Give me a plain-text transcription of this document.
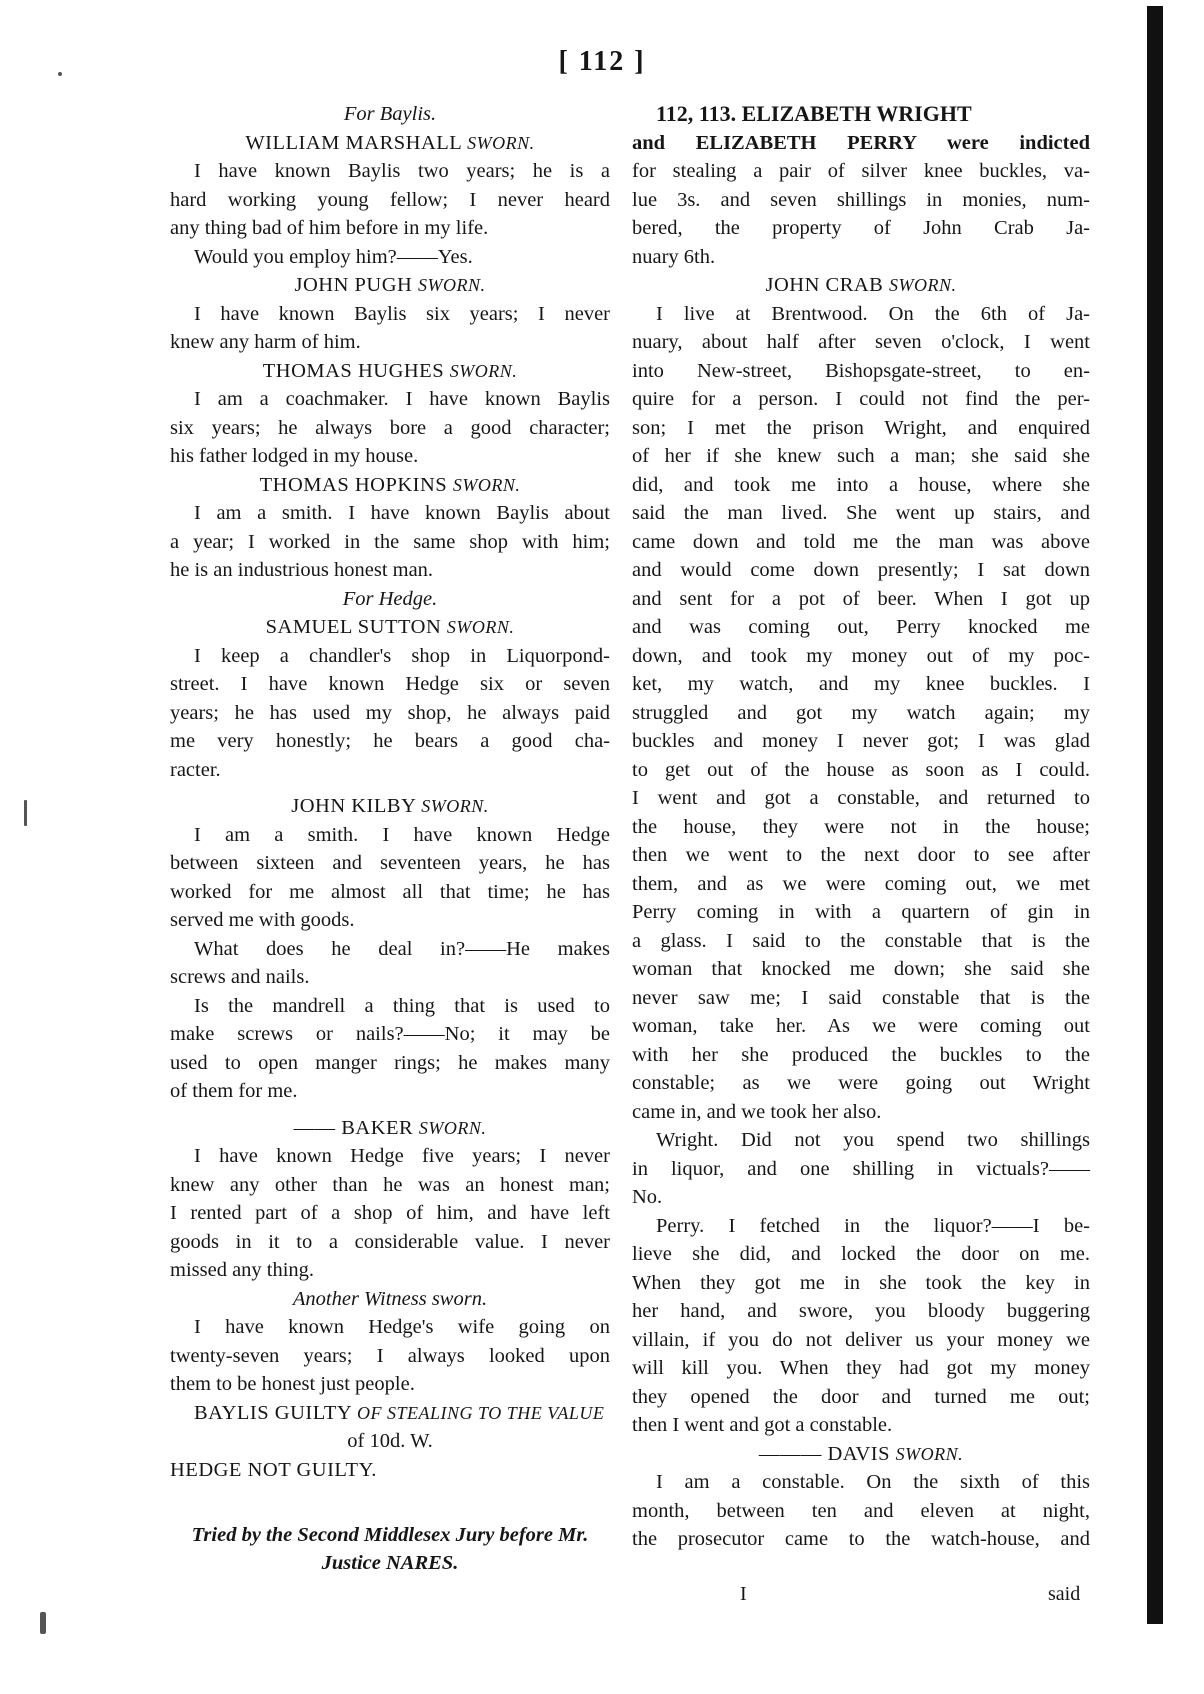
[ 112 ]
For Baylis.
WILLIAM MARSHALL SWORN.
I have known Baylis two years; he is a
hard working young fellow; I never heard
any thing bad of him before in my life.
Would you employ him?——Yes.
JOHN PUGH SWORN.
I have known Baylis six years; I never
knew any harm of him.
THOMAS HUGHES SWORN.
I am a coachmaker. I have known Baylis
six years; he always bore a good character;
his father lodged in my house.
THOMAS HOPKINS SWORN.
I am a smith. I have known Baylis about
a year; I worked in the same shop with him;
he is an industrious honest man.
For Hedge.
SAMUEL SUTTON SWORN.
I keep a chandler's shop in Liquorpond-
street. I have known Hedge six or seven
years; he has used my shop, he always paid
me very honestly; he bears a good cha-
racter.
JOHN KILBY SWORN.
I am a smith. I have known Hedge
between sixteen and seventeen years, he has
worked for me almost all that time; he has
served me with goods.
What does he deal in?——He makes
screws and nails.
Is the mandrell a thing that is used to
make screws or nails?——No; it may be
used to open manger rings; he makes many
of them for me.
—— BAKER SWORN.
I have known Hedge five years; I never
knew any other than he was an honest man;
I rented part of a shop of him, and have left
goods in it to a considerable value. I never
missed any thing.
Another Witness sworn.
I have known Hedge's wife going on
twenty-seven years; I always looked upon
them to be honest just people.
BAYLIS GUILTY OF STEALING TO THE VALUE
of 10d. W.
HEDGE NOT GUILTY.

Tried by the Second Middlesex Jury before Mr.
Justice NARES.
112, 113. ELIZABETH WRIGHT
and ELIZABETH PERRY were indicted
for stealing a pair of silver knee buckles, va-
lue 3s. and seven shillings in monies, num-
bered, the property of John Crab Ja-
nuary 6th.
JOHN CRAB SWORN.
I live at Brentwood. On the 6th of Ja-
nuary, about half after seven o'clock, I went
into New-street, Bishopsgate-street, to en-
quire for a person. I could not find the per-
son; I met the prison Wright, and enquired
of her if she knew such a man; she said she
did, and took me into a house, where she
said the man lived. She went up stairs, and
came down and told me the man was above
and would come down presently; I sat down
and sent for a pot of beer. When I got up
and was coming out, Perry knocked me
down, and took my money out of my poc-
ket, my watch, and my knee buckles. I
struggled and got my watch again; my
buckles and money I never got; I was glad
to get out of the house as soon as I could.
I went and got a constable, and returned to
the house, they were not in the house;
then we went to the next door to see after
them, and as we were coming out, we met
Perry coming in with a quartern of gin in
a glass. I said to the constable that is the
woman that knocked me down; she said she
never saw me; I said constable that is the
woman, take her. As we were coming out
with her she produced the buckles to the
constable; as we were going out Wright
came in, and we took her also.
Wright. Did not you spend two shillings
in liquor, and one shilling in victuals?——
No.
Perry. I fetched in the liquor?——I be-
lieve she did, and locked the door on me.
When they got me in she took the key in
her hand, and swore, you bloody buggering
villain, if you do not deliver us your money we
will kill you. When they had got my money
they opened the door and turned me out;
then I went and got a constable.
——— DAVIS SWORN.
I am a constable. On the sixth of this
month, between ten and eleven at night,
the prosecutor came to the watch-house, and
I	said
